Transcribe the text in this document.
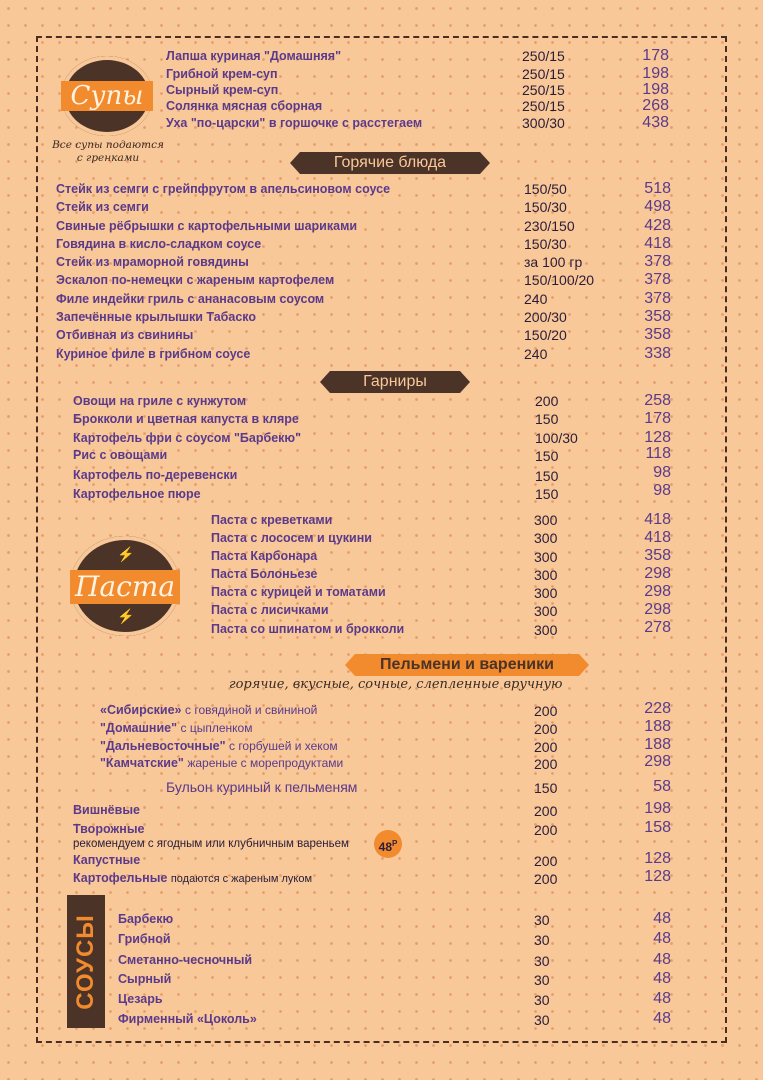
Супы
Все супы подаются
с гренками
Лапша куриная "Домашняя"	250/15	178
Грибной крем-суп	250/15	198
Сырный крем-суп	250/15	198
Солянка мясная сборная	250/15	268
Уха "по-царски" в горшочке с расстегаем	300/30	438
Горячие блюда
Стейк из семги с грейпфрутом в апельсиновом соусе	150/50	518
Стейк из семги	150/30	498
Свиные рёбрышки с картофельными шариками	230/150	428
Говядина в кисло-сладком соусе	150/30	418
Стейк из мраморной говядины	за 100 гр	378
Эскалоп по-немецки с жареным картофелем	150/100/20	378
Филе индейки гриль с ананасовым соусом	240	378
Запечённые крылышки Табаско	200/30	358
Отбивная из свинины	150/20	358
Куриное филе в грибном соусе	240	338
Гарниры
Овощи на гриле с кунжутом	200	258
Брокколи и цветная капуста в кляре	150	178
Картофель фри с соусом "Барбекю"	100/30	128
Рис с овощами	150	118
Картофель по-деревенски	150	98
Картофельное пюре	150	98
⚡
Паста
⚡
Паста с креветками	300	418
Паста с лососем и цукини	300	418
Паста Карбонара	300	358
Паста Болоньезе	300	298
Паста с курицей и томатами	300	298
Паста с лисичками	300	298
Паста со шпинатом и брокколи	300	278
Пельмени и вареники
горячие, вкусные, сочные, слепленные вручную
«Сибирские» с говядиной и свининой	200	228
"Домашние" с цыпленком	200	188
"Дальневосточные" с горбушей и хеком	200	188
"Камчатские" жареные с морепродуктами	200	298
Бульон куриный к пельменям	150	58
Вишнёвые	200	198
Творожные	200	158
рекомендуем с ягодным или клубничным вареньем	$48^Р$
Капустные	200	128
Картофельные подаются с жареным луком	200	128
СОУСЫ Барбекю	30	48
Грибной	30	48
Сметанно-чесночный	30	48
Сырный	30	48
Цезарь	30	48
Фирменный «Цоколь»	30	48
